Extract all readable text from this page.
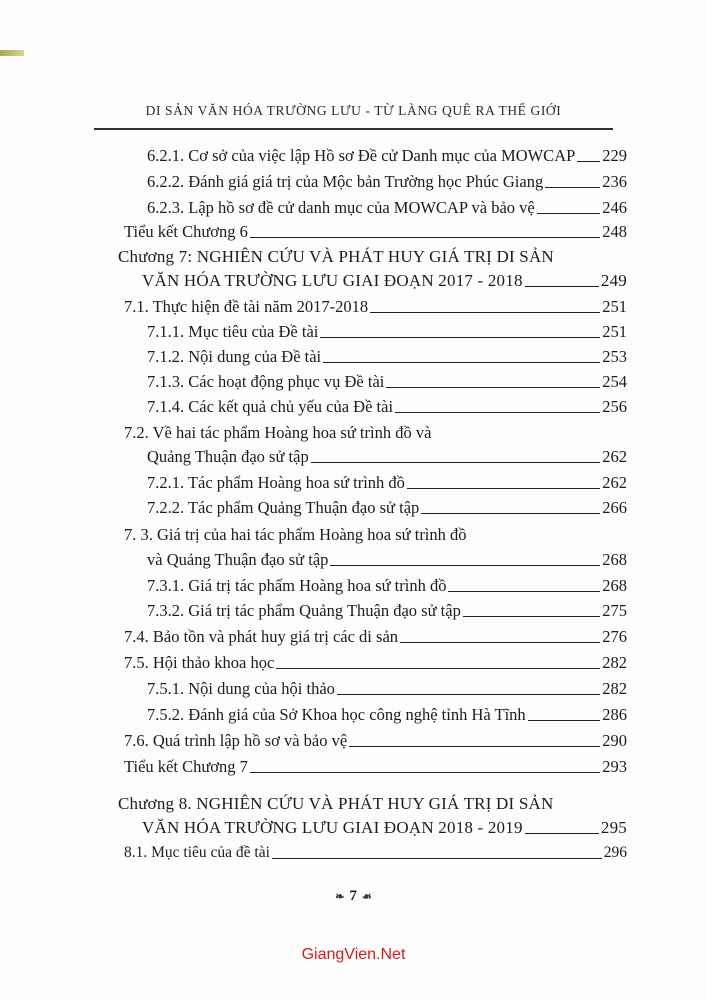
DI SẢN VĂN HÓA TRƯỜNG LƯU - TỪ LÀNG QUÊ RA THẾ GIỚI
6.2.1. Cơ sở của việc lập Hồ sơ Đề cử Danh mục của MOWCAP 229
6.2.2. Đánh giá giá trị của Mộc bản Trường học Phúc Giang	236
6.2.3. Lập hồ sơ đề cử danh mục của MOWCAP và bảo vệ	246
Tiểu kết Chương 6	248
Chương 7: NGHIÊN CỨU VÀ PHÁT HUY GIÁ TRỊ DI SẢN
VĂN HÓA TRƯỜNG LƯU GIAI ĐOẠN 2017 - 2018	249
7.1. Thực hiện đề tài năm 2017-2018	251
7.1.1. Mục tiêu của Đề tài	251
7.1.2. Nội dung của Đề tài	253
7.1.3. Các hoạt động phục vụ Đề tài	254
7.1.4. Các kết quả chủ yếu của Đề tài	256
7.2. Về hai tác phẩm Hoàng hoa sứ trình đồ và
Quảng Thuận đạo sử tập	262
7.2.1. Tác phẩm Hoàng hoa sứ trình đồ	262
7.2.2. Tác phẩm Quảng Thuận đạo sử tập	266
7. 3. Giá trị của hai tác phẩm Hoàng hoa sứ trình đồ
và Quảng Thuận đạo sử tập	268
7.3.1. Giá trị tác phẩm Hoàng hoa sứ trình đồ	268
7.3.2. Giá trị tác phẩm Quảng Thuận đạo sử tập	275
7.4. Bảo tồn và phát huy giá trị các di sản	276
7.5. Hội thảo khoa học	282
7.5.1. Nội dung của hội thảo	282
7.5.2. Đánh giá của Sở Khoa học công nghệ tỉnh Hà Tĩnh	286
7.6. Quá trình lập hồ sơ và bảo vệ	290
Tiểu kết Chương 7	293
Chương 8. NGHIÊN CỨU VÀ PHÁT HUY GIÁ TRỊ DI SẢN
VĂN HÓA TRƯỜNG LƯU GIAI ĐOẠN 2018 - 2019	295
8.1. Mục tiêu của đề tài	296
❧ 7 ☙
GiangVien.Net
